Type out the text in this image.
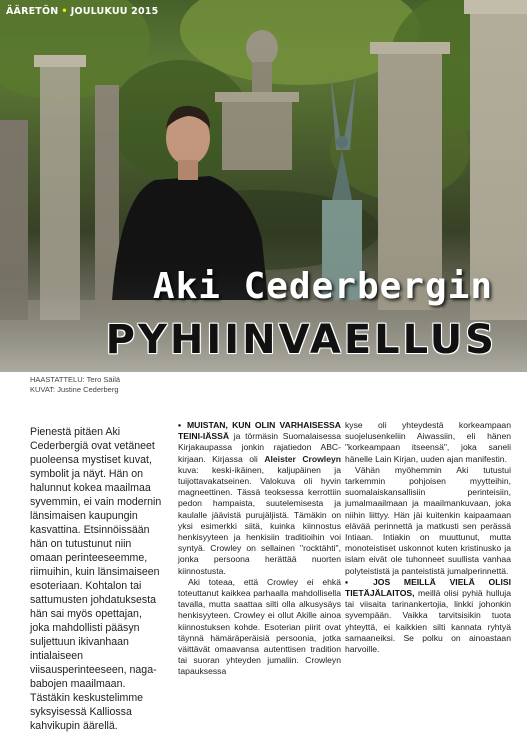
ÄÄRETÖN • JOULUKUU 2015
Aki Cederbergin
PYHIINVAELLUS
HAASTATTELU: Tero Säilä
KUVAT: Justine Cederberg

Pienestä pitäen Aki Cederbergiä ovat vetäneet puoleensa mystiset kuvat, symbolit ja näyt. Hän on halunnut kokea maailmaa syvemmin, ei vain modernin länsimaisen kaupungin kasvattina. Etsinnöissään hän on tutustunut niin omaan perinteeseemme, riimuihin, kuin länsimaiseen esoteriaan. Kohtalon tai sattumusten johdatuksesta hän sai myös opettajan, joka mahdollisti pääsyn suljettuun ikivanhaan intialaiseen viisausperinteeseen, naga-babojen maailmaan. Tästäkin keskustelimme syksyisessä Kalliossa kahvikupin äärellä.

▪ MUISTAN, KUN OLIN VARHAISESSA TEINI-IÄSSÄ ja törmäsin Suomalaisessa Kirjakaupassa jonkin rajatiedon ABC-kirjaan. Kirjassa oli Aleister Crowleyn kuva: keski-ikäinen, kaljupäinen ja tuijottavakatseinen. Valokuva oli hyvin magneettinen. Tässä teoksessa kerrottiin pedon hampaista, suutelemisesta ja kaulalle jäävistä purujäljistä. Tämäkin on yksi esimerkki siitä, kuinka kiinnostus henkisyyteen ja henkisiin traditioihin voi syntyä. Crowley on sellainen "rocktähti", jonka persoona herättää nuorten kiinnostusta.

Aki toteaa, että Crowley ei ehkä toteuttanut kaikkea parhaalla mahdollisella tavalla, mutta saattaa silti olla alkusysäys henkisyyteen. Crowley ei ollut Akille ainoa kiinnostuksen kohde. Esoterian piirit ovat täynnä hämäräperäisiä persoonia, jotka väittävät omaavansa autenttisen tradition tai suoran yhteyden jumaliin. Crowleyn tapauksessa

kyse oli yhteydestä korkeampaan suojelusenkeliin Aiwassiin, eli hänen "korkeampaan itseensä", joka saneli hänelle Lain Kirjan, uuden ajan manifestin.

Vähän myöhemmin Aki tutustui tarkemmin pohjoisen myytteihin, suomalaiskansallisiin perinteisiin, jumalmaailmaan ja maailmankuvaan, joka niihin liittyy. Hän jäi kuitenkin kaipaamaan elävää perinnettä ja matkusti sen perässä Intiaan. Intiakin on muuttunut, mutta monoteistiset uskonnot kuten kristinusko ja islam eivät ole tuhonneet suullista vanhaa polyteististä ja panteististä jumalperinnettä.

▪ JOS MEILLÄ VIELÄ OLISI TIETÄJÄLAITOS, meillä olisi pyhiä hulluja tai viisaita tarinankertojia, linkki johonkin syvempään. Vaikka tarvitsisikin tuota yhteyttä, ei kaikkien silti kannata ryhtyä samaaneiksi. Se polku on ainoastaan harvoille.
